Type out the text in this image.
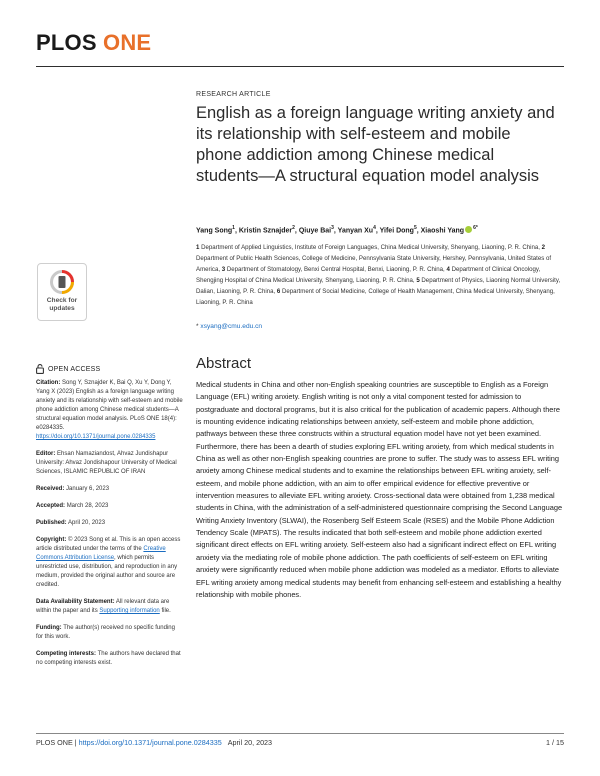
PLOS ONE
RESEARCH ARTICLE
English as a foreign language writing anxiety and its relationship with self-esteem and mobile phone addiction among Chinese medical students—A structural equation model analysis
Yang Song$^1$, Kristin Sznajder$^2$, Qiuye Bai$^3$, Yanyan Xu$^4$, Yifei Dong$^5$, Xiaoshi Yang $^{6*}$
1 Department of Applied Linguistics, Institute of Foreign Languages, China Medical University, Shenyang, Liaoning, P. R. China, 2 Department of Public Health Sciences, College of Medicine, Pennsylvania State University, Hershey, Pennsylvania, United States of America, 3 Department of Stomatology, Benxi Central Hospital, Benxi, Liaoning, P. R. China, 4 Department of Clinical Oncology, Shengjing Hospital of China Medical University, Shenyang, Liaoning, P. R. China, 5 Department of Physics, Liaoning Normal University, Dalian, Liaoning, P. R. China, 6 Department of Social Medicine, College of Health Management, China Medical University, Shenyang, Liaoning, P. R. China
* xsyang@cmu.edu.cn
Abstract
Medical students in China and other non-English speaking countries are susceptible to English as a Foreign Language (EFL) writing anxiety. English writing is not only a vital component tested for admission to postgraduate and doctoral programs, but it is also critical for the publication of academic papers. Although there is mounting evidence indicating relationships between anxiety, self-esteem and mobile phone addiction, pathways between these three constructs within a structural equation model have not yet been examined. Furthermore, there has been a dearth of studies exploring EFL writing anxiety, from which medical students in China as well as other non-English speaking countries are prone to suffer. The study was to assess EFL writing anxiety among Chinese medical students and to examine the relationships between EFL writing anxiety, self-esteem, and mobile phone addiction, with an aim to offer empirical evidence for effective preventive or intervention measures to alleviate EFL writing anxiety. Cross-sectional data were obtained from 1,238 medical students in China, with the administration of a self-administered questionnaire comprising the Second Language Writing Anxiety Inventory (SLWAI), the Rosenberg Self Esteem Scale (RSES) and the Mobile Phone Addiction Tendency Scale (MPATS). The results indicated that both self-esteem and mobile phone addiction exerted significant direct effects on EFL writing anxiety. Self-esteem also had a significant indirect effect on EFL writing anxiety via the mediating role of mobile phone addiction. The path coefficients of self-esteem on EFL writing anxiety were significantly reduced when mobile phone addiction was modeled as a mediator. Efforts to alleviate EFL writing anxiety among medical students may benefit from enhancing self-esteem and establishing a healthy relationship with mobile phones.
Check for
updates
OPEN ACCESS

Citation: Song Y, Sznajder K, Bai Q, Xu Y, Dong Y, Yang X (2023) English as a foreign language writing anxiety and its relationship with self-esteem and mobile phone addiction among Chinese medical students—A structural equation model analysis. PLoS ONE 18(4): e0284335. https://doi.org/10.1371/journal.pone.0284335

Editor: Ehsan Namaziandost, Ahvaz Jundishapur University: Ahvaz Jondishapour University of Medical Sciences, ISLAMIC REPUBLIC OF IRAN

Received: January 6, 2023

Accepted: March 28, 2023

Published: April 20, 2023

Copyright: © 2023 Song et al. This is an open access article distributed under the terms of the Creative Commons Attribution License, which permits unrestricted use, distribution, and reproduction in any medium, provided the original author and source are credited.

Data Availability Statement: All relevant data are within the paper and its Supporting information file.

Funding: The author(s) received no specific funding for this work.

Competing interests: The authors have declared that no competing interests exist.

PLOS ONE | https://doi.org/10.1371/journal.pone.0284335 April 20, 2023	1 / 15
